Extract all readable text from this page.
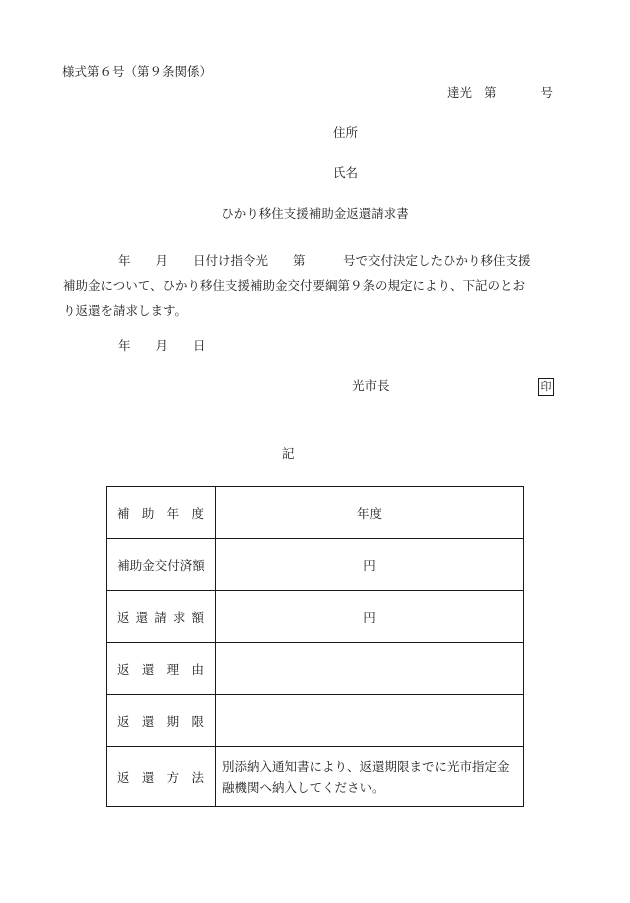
様式第６号（第９条関係）
達光 第	号
住所
氏名
ひかり移住支援補助金返還請求書

年　　月　　日付け指令光　　第　　　号で交付決定したひかり移住支援

補助金について、ひかり移住支援補助金交付要綱第９条の規定により、下記のとお

り返還を請求します。

年　　月　　日
光市長	印
記
補 助 年 度	年度

補助金交付済額	円

返 還 請 求 額	円

返 還 理 由	

返 還 期 限	

返 還 方 法	別添納入通知書により、返還期限までに光市指定金融機関へ納入してください。
